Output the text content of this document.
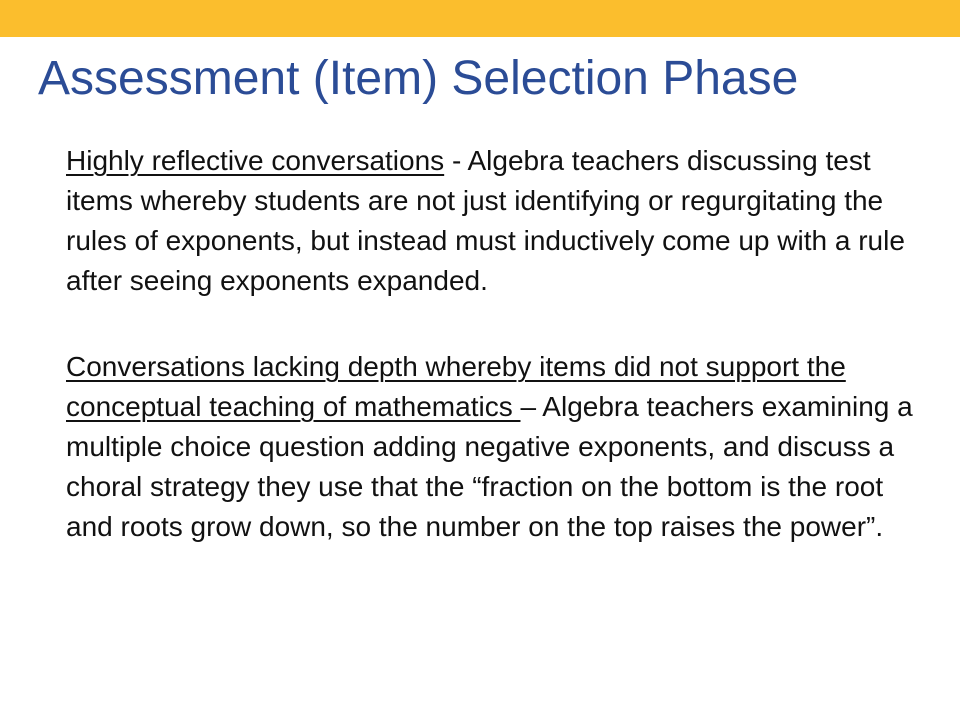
Assessment (Item) Selection Phase

Highly reflective conversations - Algebra teachers discussing test items whereby students are not just identifying or regurgitating the rules of exponents, but instead must inductively come up with a rule after seeing exponents expanded.

Conversations lacking depth whereby items did not support the conceptual teaching of mathematics – Algebra teachers examining a multiple choice question adding negative exponents, and discuss a choral strategy they use that the “fraction on the bottom is the root and roots grow down, so the number on the top raises the power”.
